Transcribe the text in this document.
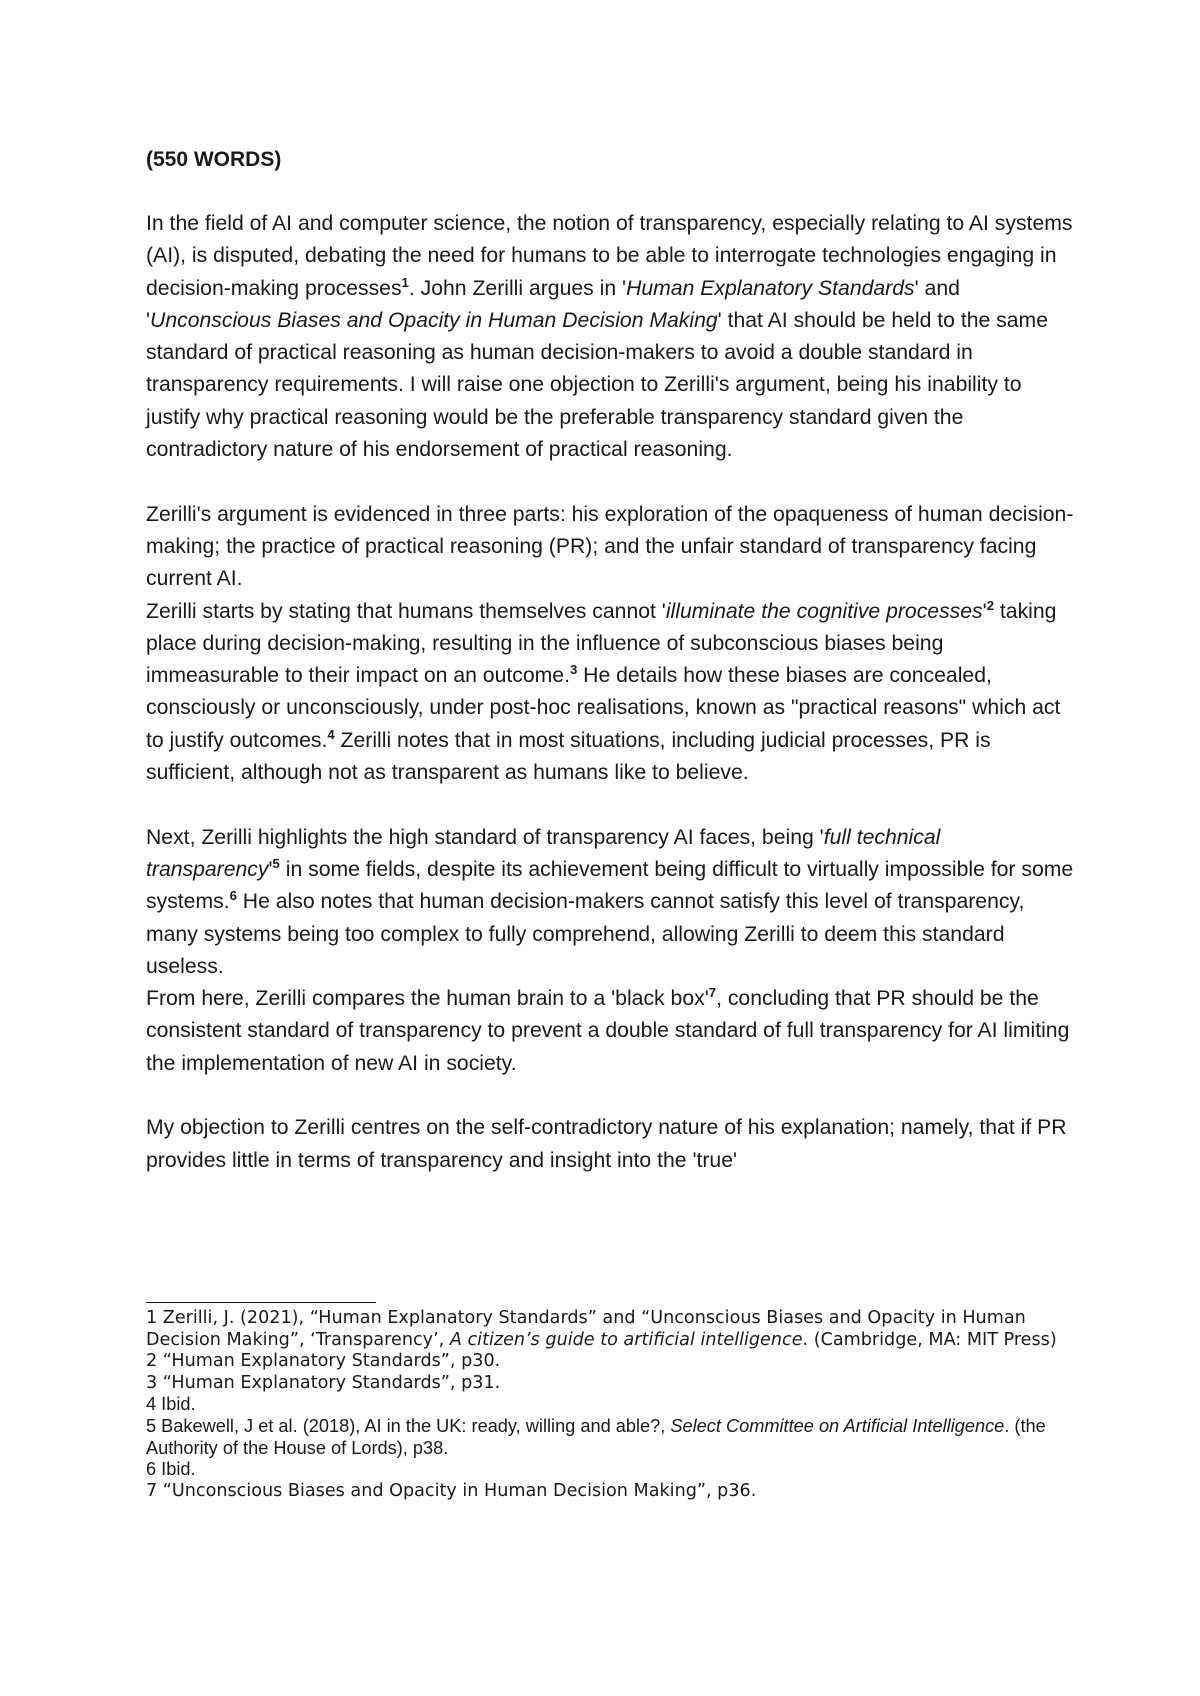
(550 WORDS)

In the field of AI and computer science, the notion of transparency, especially relating to AI systems (AI), is disputed, debating the need for humans to be able to interrogate technologies engaging in decision-making processes$^1$. John Zerilli argues in 'Human Explanatory Standards' and 'Unconscious Biases and Opacity in Human Decision Making' that AI should be held to the same standard of practical reasoning as human decision-makers to avoid a double standard in transparency requirements. I will raise one objection to Zerilli's argument, being his inability to justify why practical reasoning would be the preferable transparency standard given the contradictory nature of his endorsement of practical reasoning.

Zerilli's argument is evidenced in three parts: his exploration of the opaqueness of human decision-making; the practice of practical reasoning (PR); and the unfair standard of transparency facing current AI.

Zerilli starts by stating that humans themselves cannot 'illuminate the cognitive $processes'^2$ taking place during decision-making, resulting in the influence of subconscious biases being immeasurable to their impact on an outcome.$^3$ He details how these biases are concealed, consciously or unconsciously, under post-hoc realisations, known as "practical reasons" which act to justify outcomes.$^4$ Zerilli notes that in most situations, including judicial processes, PR is sufficient, although not as transparent as humans like to believe.

Next, Zerilli highlights the high standard of transparency AI faces, being 'full technical $transparency'^5$ in some fields, despite its achievement being difficult to virtually impossible for some systems.$^6$ He also notes that human decision-makers cannot satisfy this level of transparency, many systems being too complex to fully comprehend, allowing Zerilli to deem this standard useless.

From here, Zerilli compares the human brain to a 'black $box'^7$, concluding that PR should be the consistent standard of transparency to prevent a double standard of full transparency for AI limiting the implementation of new AI in society.

My objection to Zerilli centres on the self-contradictory nature of his explanation; namely, that if PR provides little in terms of transparency and insight into the 'true'

1 Zerilli, J. (2021), “Human Explanatory Standards” and “Unconscious Biases and Opacity in Human Decision Making”, ‘Transparency’, A citizen’s guide to artificial intelligence. (Cambridge, MA: MIT Press)

2 “Human Explanatory Standards”, p30.

3 “Human Explanatory Standards”, p31.

4 Ibid.

5 Bakewell, J et al. (2018), AI in the UK: ready, willing and able?, Select Committee on Artificial Intelligence. (the Authority of the House of Lords), p38.

6 Ibid.

7 “Unconscious Biases and Opacity in Human Decision Making”, p36.
